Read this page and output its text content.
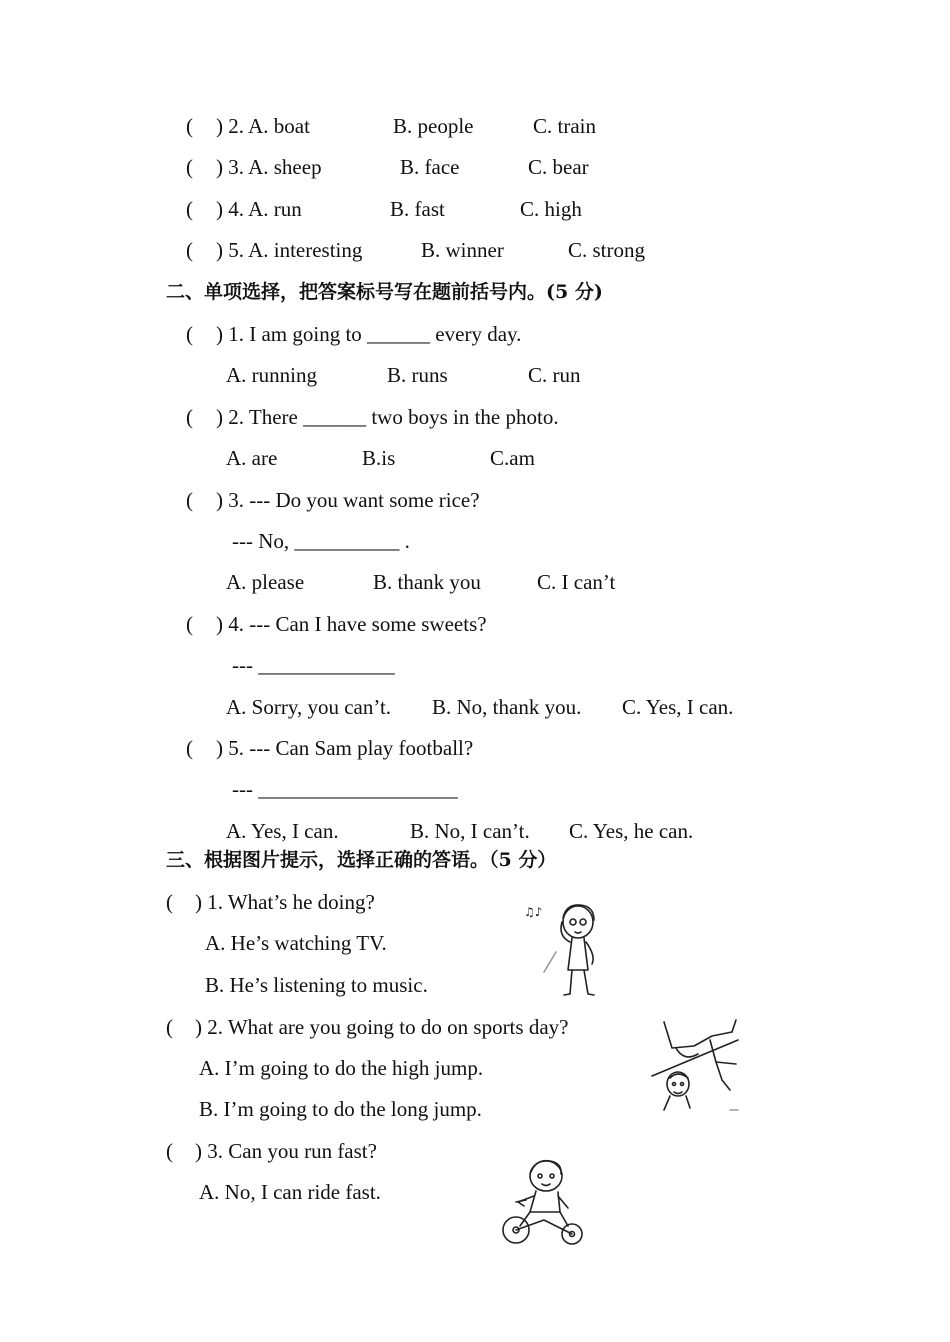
( ) 2. A. boat	B. people	C. train
( ) 3. A. sheep	B. face	C. bear
( ) 4. A. run	B. fast	C. high
( ) 5. A. interesting	B. winner	C. strong
二、单项选择，把答案标号写在题前括号内。(5 分)
( ) 1. I am going to ______ every day.
A. running	B. runs	C. run
( ) 2. There ______ two boys in the photo.
A. are	B.is	C.am
( ) 3. --- Do you want some rice?
--- No, __________ .
A. please	B. thank you	C. I can’t
( ) 4. --- Can I have some sweets?
--- _____________
A. Sorry, you can’t. B. No, thank you. C. Yes, I can.
( ) 5. --- Can Sam play football?
--- ___________________
A. Yes, I can.	B. No, I can’t. C. Yes, he can.
三、根据图片提示，选择正确的答语。（5 分）
( ) 1. What’s he doing?
A. He’s watching TV.
B. He’s listening to music.
( ) 2. What are you going to do on sports day?
A. I’m going to do the high jump.
B. I’m going to do the long jump.
( ) 3. Can you run fast?
A. No, I can ride fast.
♫♪
